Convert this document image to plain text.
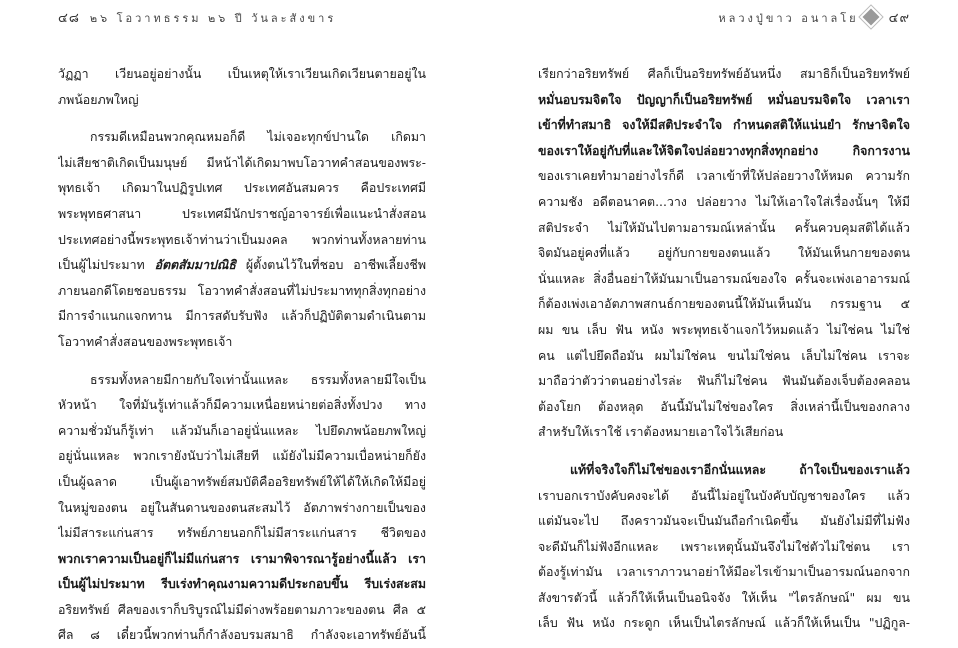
๔๘ ๒๖ โอวาทธรรม ๒๖ ปี วันละสังขาร
วัฏฏา เวียนอยู่อย่างนั้น เป็นเหตุให้เราเวียนเกิดเวียนตายอยู่ใน
ภพน้อยภพใหญ่
กรรมดีเหมือนพวกคุณหมอก็ดี ไม่เจอะทุกข์ปานใด เกิดมา
ไม่เสียชาติเกิดเป็นมนุษย์ มีหน้าได้เกิดมาพบโอวาทคำสอนของพระ-
พุทธเจ้า เกิดมาในปฏิรูปเทศ ประเทศอันสมควร คือประเทศมี
พระพุทธศาสนา ประเทศมีนักปราชญ์อาจารย์เพื่อแนะนำสั่งสอน
ประเทศอย่างนี้พระพุทธเจ้าท่านว่าเป็นมงคล พวกท่านทั้งหลายท่าน
เป็นผู้ไม่ประมาท อัตตสัมมาปณิธิ ผู้ตั้งตนไว้ในที่ชอบ อาชีพเลี้ยงชีพ
ภายนอกดีโดยชอบธรรม โอวาทคำสั่งสอนที่ไม่ประมาททุกสิ่งทุกอย่าง
มีการจำแนกแจกทาน มีการสดับรับฟัง แล้วก็ปฏิบัติตามดำเนินตาม
โอวาทคำสั่งสอนของพระพุทธเจ้า
ธรรมทั้งหลายมีกายกับใจเท่านั้นแหละ ธรรมทั้งหลายมีใจเป็น
หัวหน้า ใจที่มันรู้เท่าแล้วก็มีความเหนื่อยหน่ายต่อสิ่งทั้งปวง ทาง
ความชั่วมันก็รู้เท่า แล้วมันก็เอาอยู่นั่นแหละ ไปยึดภพน้อยภพใหญ่
อยู่นั่นแหละ พวกเรายังนับว่าไม่เสียที แม้ยังไม่มีความเบื่อหน่ายก็ยัง
เป็นผู้ฉลาด เป็นผู้เอาทรัพย์สมบัติคืออริยทรัพย์ให้ได้ให้เกิดให้มีอยู่
ในหมู่ของตน อยู่ในสันดานของตนสะสมไว้ อัตภาพร่างกายเป็นของ
ไม่มีสาระแก่นสาร ทรัพย์ภายนอกก็ไม่มีสาระแก่นสาร ชีวิตของ
พวกเราความเป็นอยู่ก็ไม่มีแก่นสาร เรามาพิจารณารู้อย่างนี้แล้ว เรา
เป็นผู้ไม่ประมาท รีบเร่งทำคุณงามความดีประกอบขึ้น รีบเร่งสะสม
อริยทรัพย์ ศีลของเราก็บริบูรณ์ไม่มีด่างพร้อยตามภาวะของตน ศีล ๕
ศีล ๘ เดี๋ยวนี้พวกท่านก็กำลังอบรมสมาธิ กำลังจะเอาทรัพย์อันนี้
หลวงปู่ขาว อนาลโย ๔๙
เรียกว่าอริยทรัพย์ ศีลก็เป็นอริยทรัพย์อันหนึ่ง สมาธิก็เป็นอริยทรัพย์
หมั่นอบรมจิตใจ ปัญญาก็เป็นอริยทรัพย์ หมั่นอบรมจิตใจ เวลาเรา
เข้าที่ทำสมาธิ จงให้มีสติประจำใจ กำหนดสติให้แน่นยำ รักษาจิตใจ
ของเราให้อยู่กับที่และให้จิตใจปล่อยวางทุกสิ่งทุกอย่าง กิจการงาน
ของเราเคยทำมาอย่างไรก็ดี เวลาเข้าที่ให้ปล่อยวางให้หมด ความรัก
ความชัง อดีตอนาคต...วาง ปล่อยวาง ไม่ให้เอาใจใส่เรื่องนั้นๆ ให้มี
สติประจำ ไม่ให้มันไปตามอารมณ์เหล่านั้น ครั้นควบคุมสติได้แล้ว
จิตมันอยู่คงที่แล้ว อยู่กับกายของตนแล้ว ให้มันเห็นกายของตน
นั่นแหละ สิ่งอื่นอย่าให้มันมาเป็นอารมณ์ของใจ ครั้นจะเพ่งเอาอารมณ์
ก็ต้องเพ่งเอาอัตภาพสกนธ์กายของตนนี้ให้มันเห็นมัน กรรมฐาน ๕
ผม ขน เล็บ ฟัน หนัง พระพุทธเจ้าแจกไว้หมดแล้ว ไม่ใช่คน ไม่ใช่
คน แต่ไปยึดถือมัน ผมไม่ใช่คน ขนไม่ใช่คน เล็บไม่ใช่คน เราจะ
มาถือว่าตัวว่าตนอย่างไรล่ะ ฟันก็ไม่ใช่คน ฟันมันต้องเจ็บต้องคลอน
ต้องโยก ต้องหลุด อันนี้มันไม่ใช่ของใคร สิ่งเหล่านี้เป็นของกลาง
สำหรับให้เราใช้ เราต้องหมายเอาใจไว้เสียก่อน
แท้ที่จริงใจก็ไม่ใช่ของเราอีกนั่นแหละ ถ้าใจเป็นของเราแล้ว
เราบอกเราบังคับคงจะได้ อันนี้ไม่อยู่ในบังคับบัญชาของใคร แล้ว
แต่มันจะไป ถึงคราวมันจะเป็นมันถือกำเนิดขึ้น มันยังไม่มีที่ไม่ฟัง
จะดีมันก็ไม่ฟังอีกแหละ เพราะเหตุนั้นมันจึงไม่ใช่ตัวไม่ใช่ตน เรา
ต้องรู้เท่ามัน เวลาเราภาวนาอย่าให้มีอะไรเข้ามาเป็นอารมณ์นอกจาก
สังขารตัวนี้ แล้วก็ให้เห็นเป็นอนิจจัง ให้เห็น "ไตรลักษณ์" ผม ขน
เล็บ ฟัน หนัง กระดูก เห็นเป็นไตรลักษณ์ แล้วก็ให้เห็นเป็น "ปฏิกูล-
